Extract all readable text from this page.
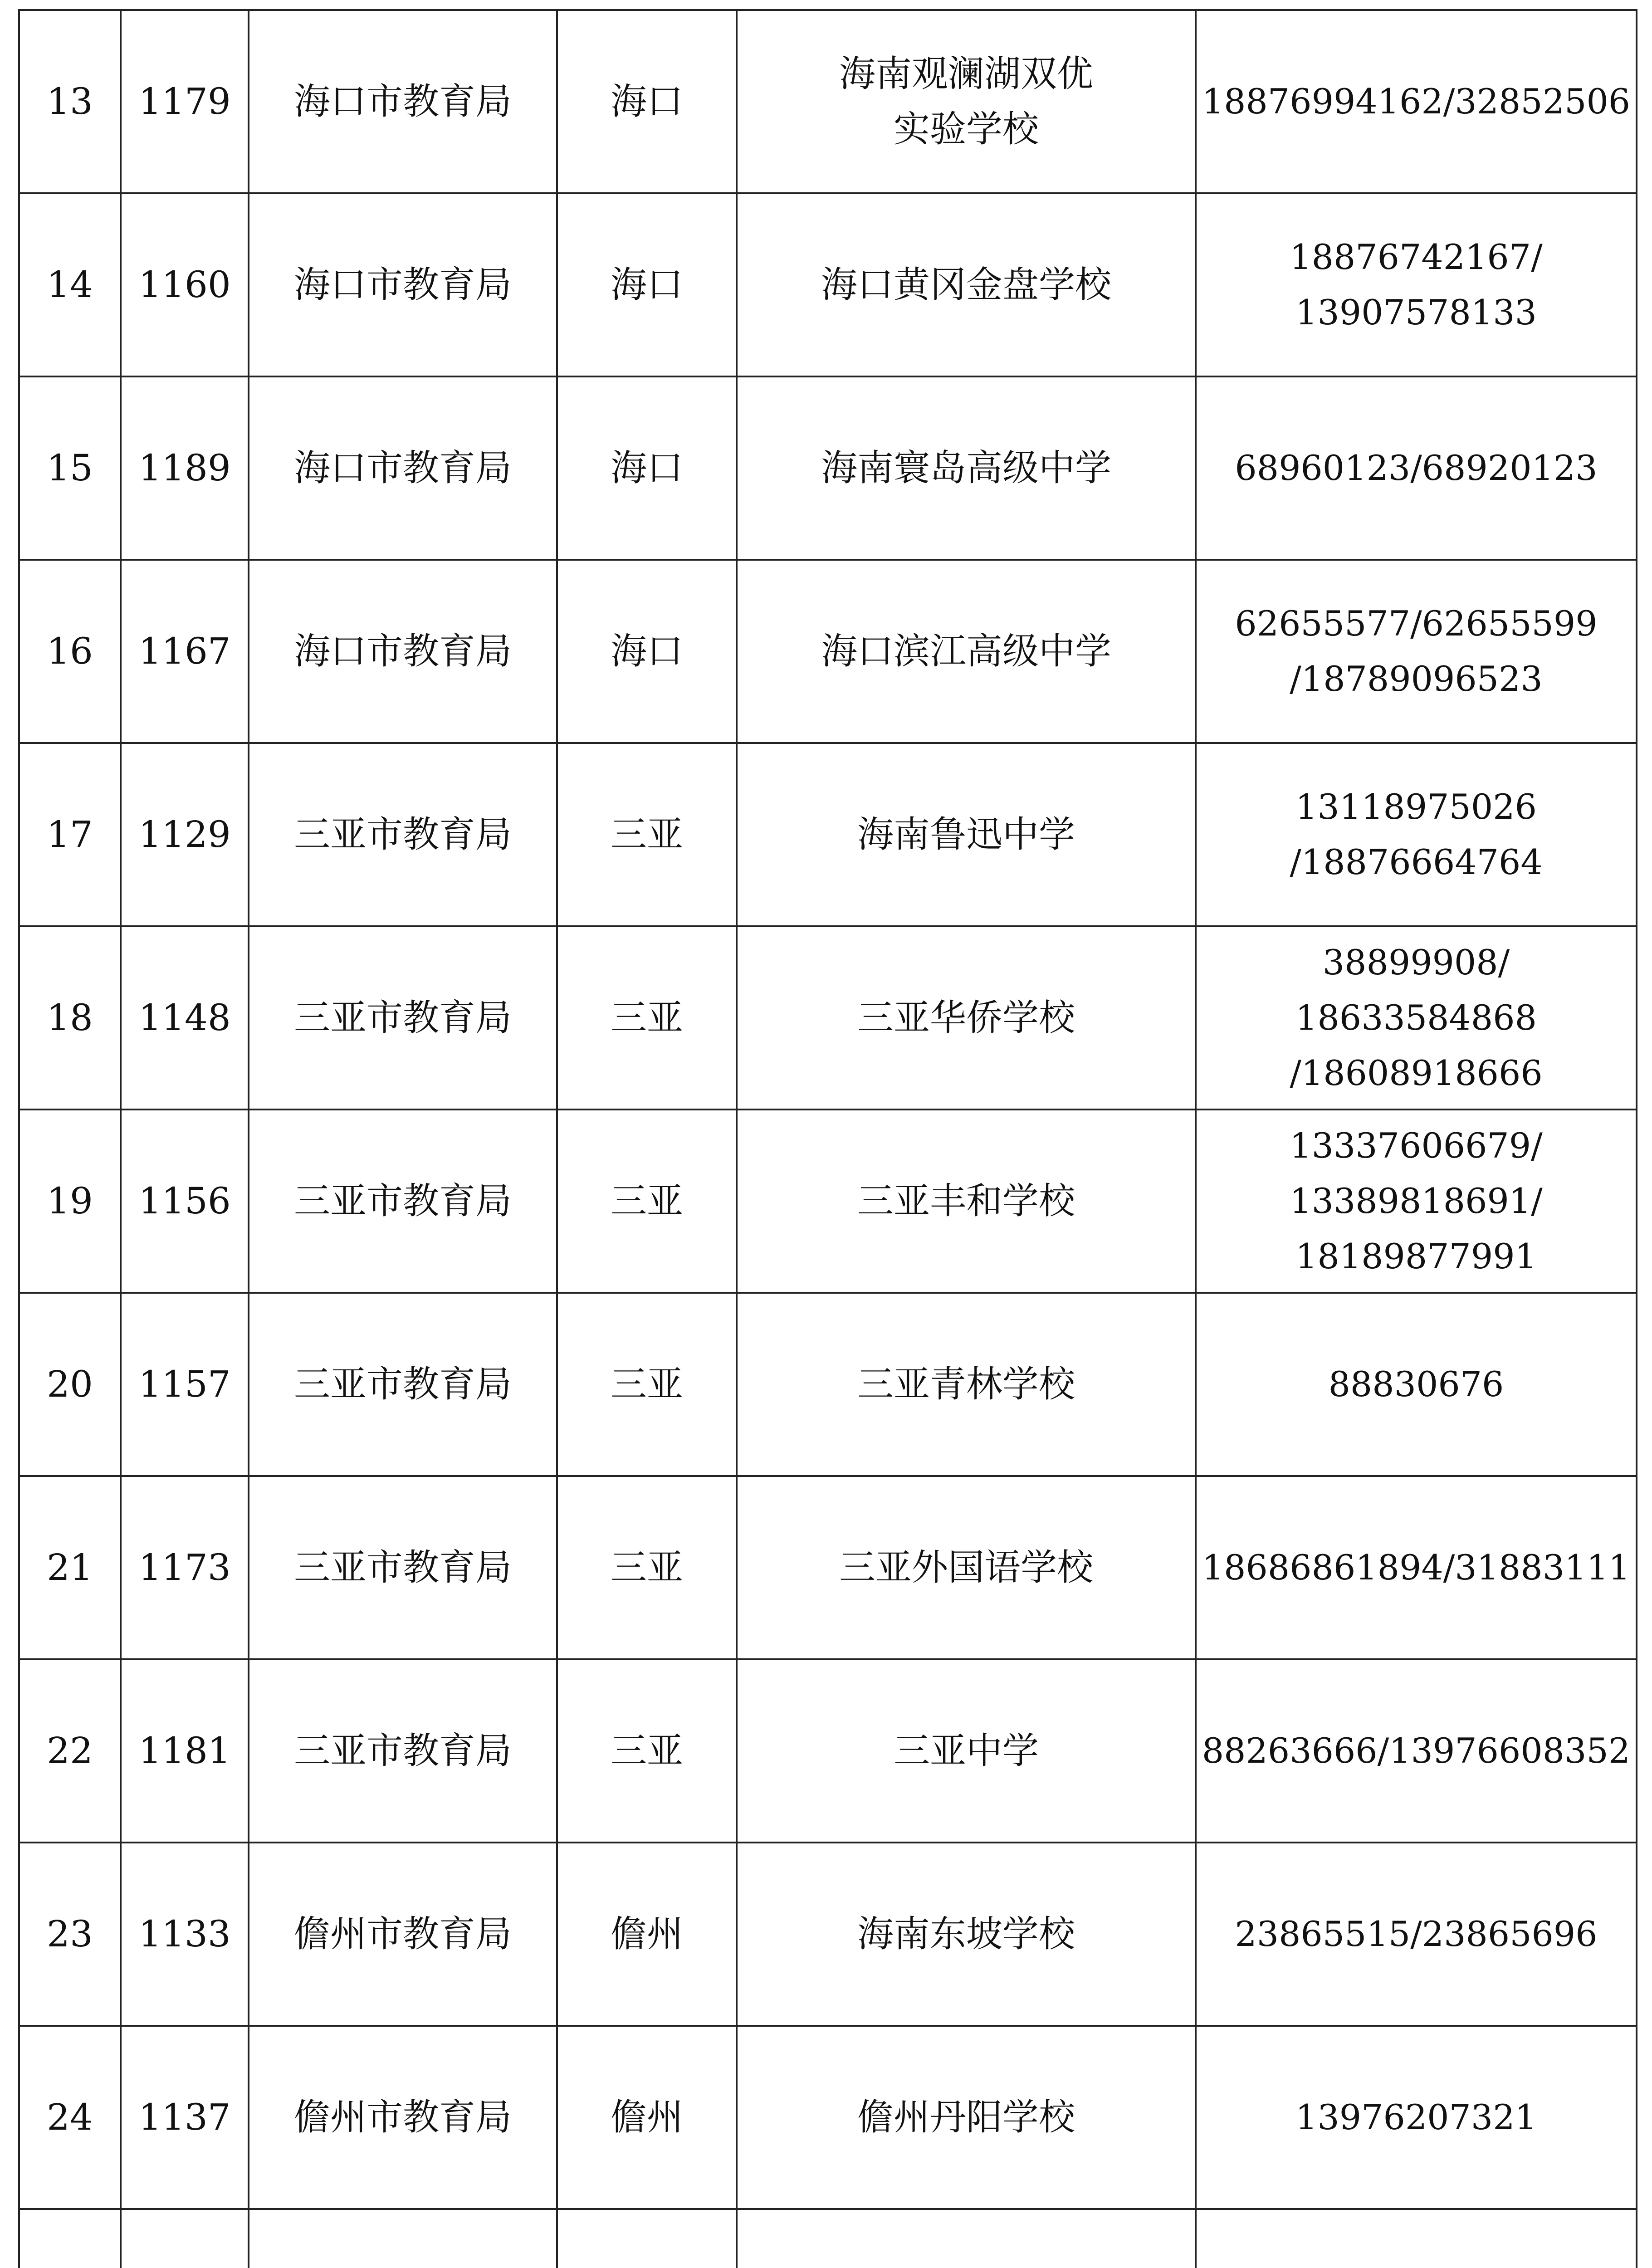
13	1179	海口市教育局	海口	海南观澜湖双优
实验学校	18876994162/32852506
14	1160	海口市教育局	海口	海口黄冈金盘学校	18876742167/
13907578133
15	1189	海口市教育局	海口	海南寰岛高级中学	68960123/68920123
16	1167	海口市教育局	海口	海口滨江高级中学	62655577/62655599
/18789096523
17	1129	三亚市教育局	三亚	海南鲁迅中学	13118975026
/18876664764
18	1148	三亚市教育局	三亚	三亚华侨学校	38899908/
18633584868
/18608918666
19	1156	三亚市教育局	三亚	三亚丰和学校	13337606679/
13389818691/
18189877991
20	1157	三亚市教育局	三亚	三亚青林学校	88830676
21	1173	三亚市教育局	三亚	三亚外国语学校	18686861894/31883111
22	1181	三亚市教育局	三亚	三亚中学	88263666/13976608352
23	1133	儋州市教育局	儋州	海南东坡学校	23865515/23865696
24	1137	儋州市教育局	儋州	儋州丹阳学校	13976207321
